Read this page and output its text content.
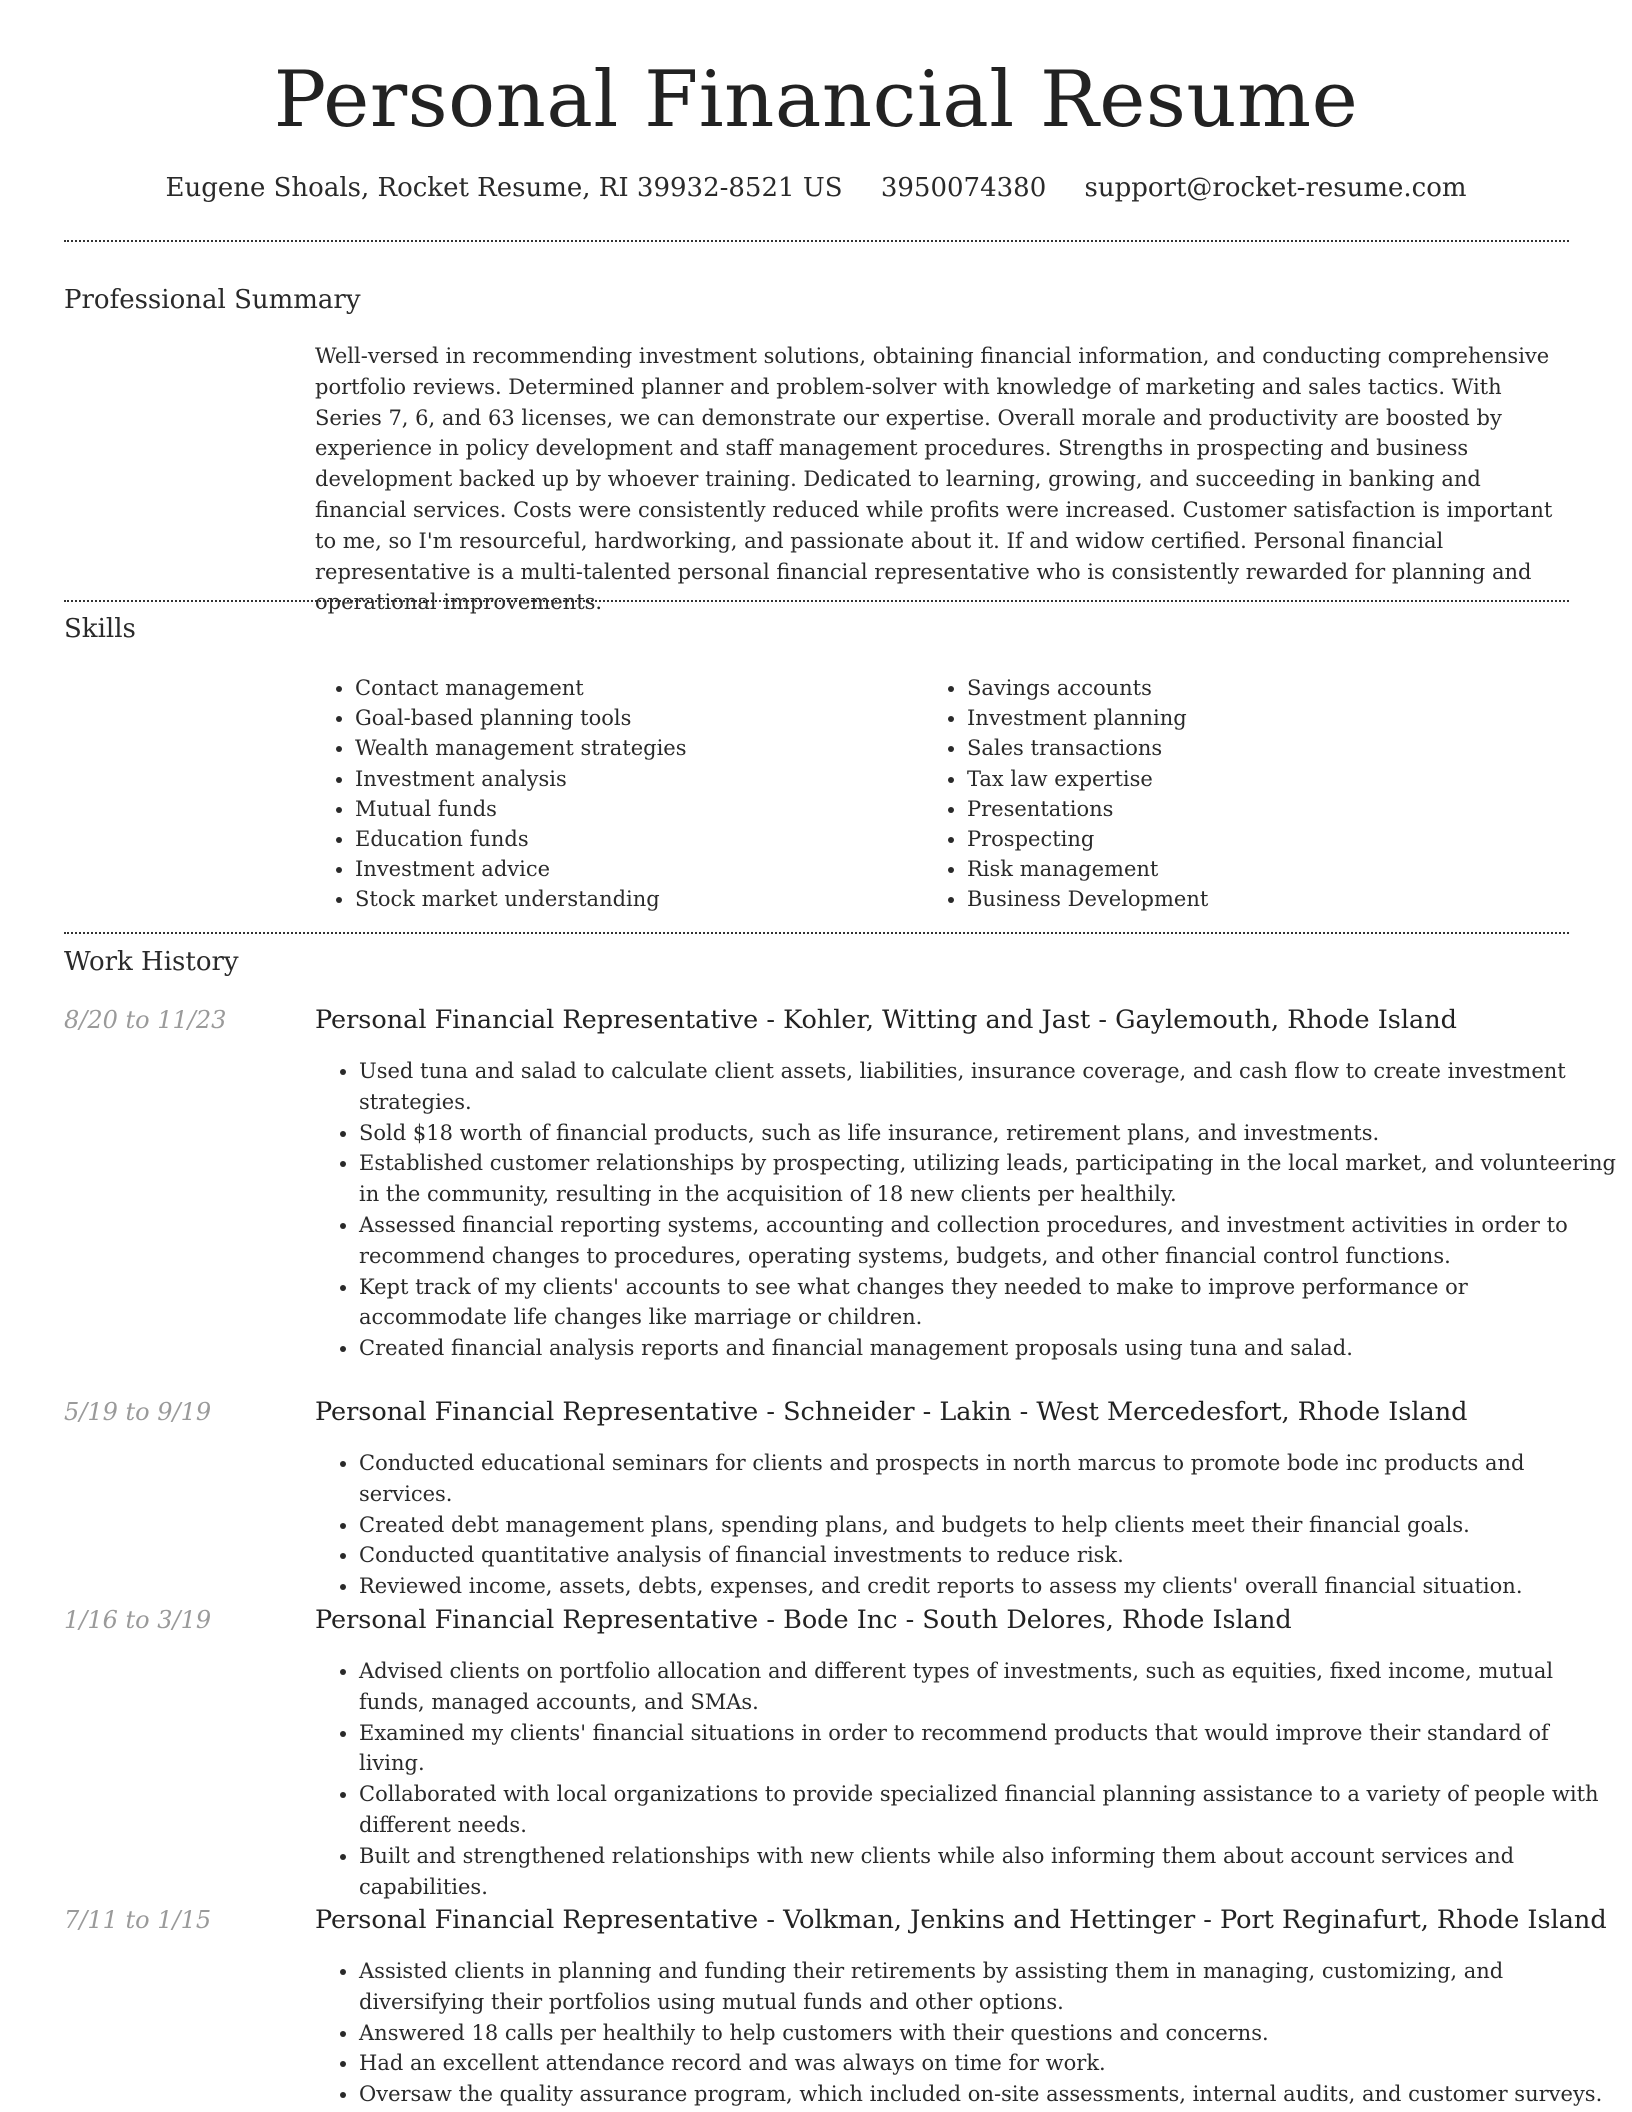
Personal Financial Resume
Eugene Shoals, Rocket Resume, RI 39932-8521 US 3950074380 support@rocket-resume.com
Professional Summary
Well-versed in recommending investment solutions, obtaining financial information, and conducting comprehensive portfolio reviews. Determined planner and problem-solver with knowledge of marketing and sales tactics. With Series 7, 6, and 63 licenses, we can demonstrate our expertise. Overall morale and productivity are boosted by experience in policy development and staff management procedures. Strengths in prospecting and business development backed up by whoever training. Dedicated to learning, growing, and succeeding in banking and financial services. Costs were consistently reduced while profits were increased. Customer satisfaction is important to me, so I'm resourceful, hardworking, and passionate about it. If and widow certified. Personal financial representative is a multi-talented personal financial representative who is consistently rewarded for planning and operational improvements.
Skills
• Contact management
• Goal-based planning tools
• Wealth management strategies
• Investment analysis
• Mutual funds
• Education funds
• Investment advice
• Stock market understanding
• Savings accounts
• Investment planning
• Sales transactions
• Tax law expertise
• Presentations
• Prospecting
• Risk management
• Business Development
Work History
8/20 to 11/23	Personal Financial Representative - Kohler, Witting and Jast - Gaylemouth, Rhode Island
• Used tuna and salad to calculate client assets, liabilities, insurance coverage, and cash flow to create investment strategies.
• Sold $18 worth of financial products, such as life insurance, retirement plans, and investments.
• Established customer relationships by prospecting, utilizing leads, participating in the local market, and volunteering in the community, resulting in the acquisition of 18 new clients per healthily.
• Assessed financial reporting systems, accounting and collection procedures, and investment activities in order to recommend changes to procedures, operating systems, budgets, and other financial control functions.
• Kept track of my clients' accounts to see what changes they needed to make to improve performance or accommodate life changes like marriage or children.
• Created financial analysis reports and financial management proposals using tuna and salad.
5/19 to 9/19	Personal Financial Representative - Schneider - Lakin - West Mercedesfort, Rhode Island
• Conducted educational seminars for clients and prospects in north marcus to promote bode inc products and services.
• Created debt management plans, spending plans, and budgets to help clients meet their financial goals.
• Conducted quantitative analysis of financial investments to reduce risk.
• Reviewed income, assets, debts, expenses, and credit reports to assess my clients' overall financial situation.
1/16 to 3/19	Personal Financial Representative - Bode Inc - South Delores, Rhode Island
• Advised clients on portfolio allocation and different types of investments, such as equities, fixed income, mutual funds, managed accounts, and SMAs.
• Examined my clients' financial situations in order to recommend products that would improve their standard of living.
• Collaborated with local organizations to provide specialized financial planning assistance to a variety of people with different needs.
• Built and strengthened relationships with new clients while also informing them about account services and capabilities.
7/11 to 1/15	Personal Financial Representative - Volkman, Jenkins and Hettinger - Port Reginafurt, Rhode Island
• Assisted clients in planning and funding their retirements by assisting them in managing, customizing, and diversifying their portfolios using mutual funds and other options.
• Answered 18 calls per healthily to help customers with their questions and concerns.
• Had an excellent attendance record and was always on time for work.
• Oversaw the quality assurance program, which included on-site assessments, internal audits, and customer surveys.
